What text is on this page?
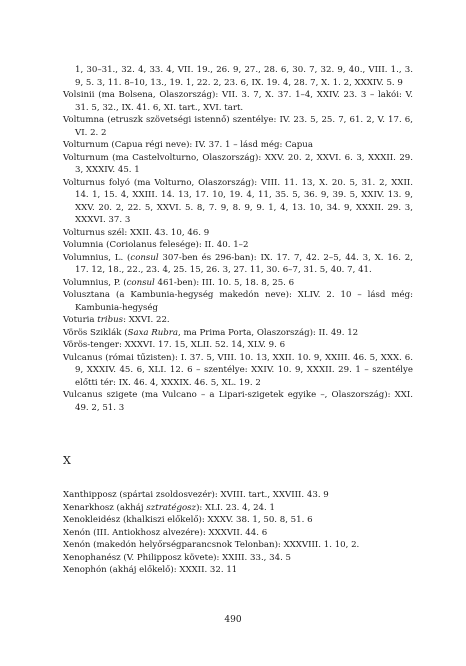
1, 30–31., 32. 4, 33. 4, VII. 19., 26. 9, 27., 28. 6, 30. 7, 32. 9, 40., VIII. 1., 3. 9, 5. 3, 11. 8–10, 13., 19. 1, 22. 2, 23. 6, IX. 19. 4, 28. 7, X. 1. 2, XXXIV. 5. 9

Volsinii (ma Bolsena, Olaszország): VII. 3. 7, X. 37. 1–4, XXIV. 23. 3 – lakói: V. 31. 5, 32., IX. 41. 6, XI. tart., XVI. tart.

Voltumna (etruszk szövetségi istennő) szentélye: IV. 23. 5, 25. 7, 61. 2, V. 17. 6, VI. 2. 2

Volturnum (Capua régi neve): IV. 37. 1 – lásd még: Capua

Volturnum (ma Castelvolturno, Olaszország): XXV. 20. 2, XXVI. 6. 3, XXXII. 29. 3, XXXIV. 45. 1

Volturnus folyó (ma Volturno, Olaszország): VIII. 11. 13, X. 20. 5, 31. 2, XXII. 14. 1, 15. 4, XXIII. 14. 13, 17. 10, 19. 4, 11, 35. 5, 36. 9, 39. 5, XXIV. 13. 9, XXV. 20. 2, 22. 5, XXVI. 5. 8, 7. 9, 8. 9, 9. 1, 4, 13. 10, 34. 9, XXXII. 29. 3, XXXVI. 37. 3

Volturnus szél: XXII. 43. 10, 46. 9

Volumnia (Coriolanus felesége): II. 40. 1–2

Volumnius, L. (consul 307-ben és 296-ban): IX. 17. 7, 42. 2–5, 44. 3, X. 16. 2, 17. 12, 18., 22., 23. 4, 25. 15, 26. 3, 27. 11, 30. 6–7, 31. 5, 40. 7, 41.

Volumnius, P. (consul 461-ben): III. 10. 5, 18. 8, 25. 6

Volusztana (a Kambunia-hegység makedón neve): XLIV. 2. 10 – lásd még: Kambunia-hegység

Voturia tribus: XXVI. 22.

Vörös Sziklák (Saxa Rubra, ma Prima Porta, Olaszország): II. 49. 12

Vörös-tenger: XXXVI. 17. 15, XLII. 52. 14, XLV. 9. 6

Vulcanus (római tűzisten): I. 37. 5, VIII. 10. 13, XXII. 10. 9, XXIII. 46. 5, XXX. 6. 9, XXXIV. 45. 6, XLI. 12. 6 – szentélye: XXIV. 10. 9, XXXII. 29. 1 – szentélye előtti tér: IX. 46. 4, XXXIX. 46. 5, XL. 19. 2

Vulcanus szigete (ma Vulcano – a Lipari-szigetek egyike –, Olaszország): XXI. 49. 2, 51. 3

X

Xanthipposz (spártai zsoldosvezér): XVIII. tart., XXVIII. 43. 9

Xenarkhosz (akháj sztratégosz): XLI. 23. 4, 24. 1

Xenokleidész (khalkiszi előkelő): XXXV. 38. 1, 50. 8, 51. 6

Xenón (III. Antiokhosz alvezére): XXXVII. 44. 6

Xenón (makedón helyőrségparancsnok Telonban): XXXVIII. 1. 10, 2.

Xenophanész (V. Philipposz követe): XXIII. 33., 34. 5

Xenophón (akháj előkelő): XXXII. 32. 11

490
